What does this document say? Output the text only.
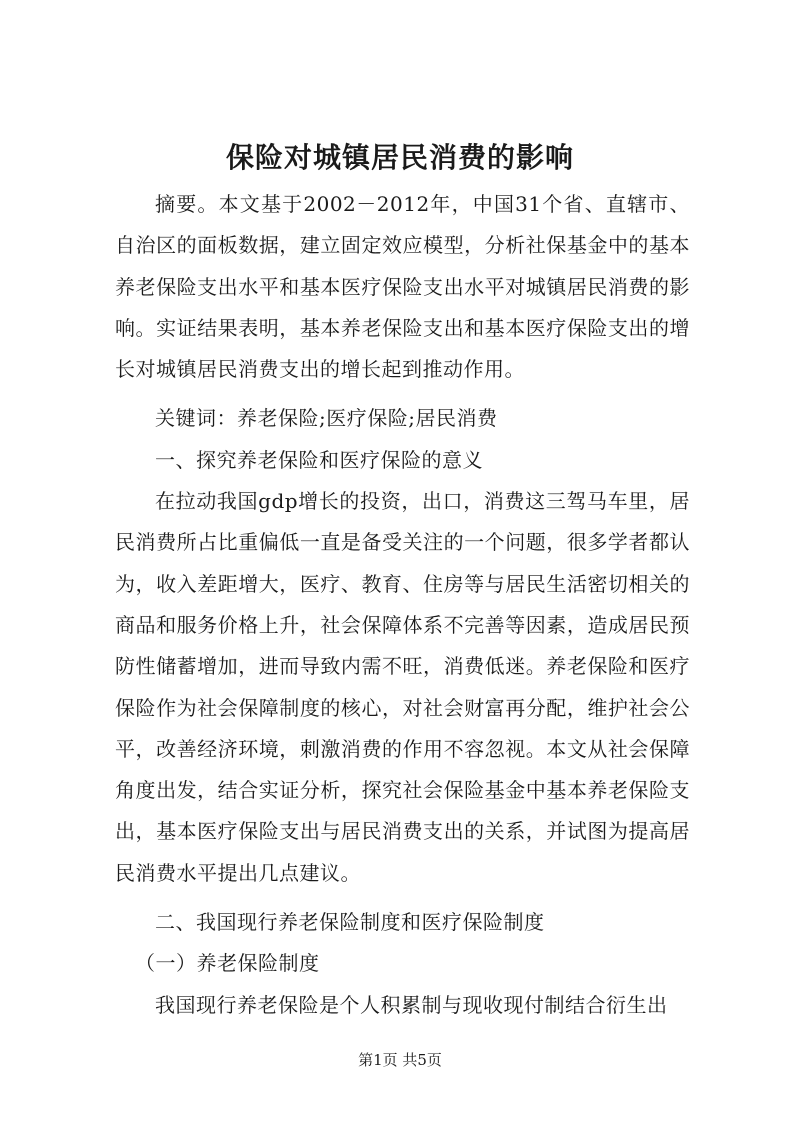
保险对城镇居民消费的影响

摘要。本文基于2002－2012年，中国31个省、直辖市、自治区的面板数据，建立固定效应模型，分析社保基金中的基本养老保险支出水平和基本医疗保险支出水平对城镇居民消费的影响。实证结果表明，基本养老保险支出和基本医疗保险支出的增长对城镇居民消费支出的增长起到推动作用。

关键词：养老保险;医疗保险;居民消费

一、探究养老保险和医疗保险的意义

在拉动我国gdp增长的投资，出口，消费这三驾马车里，居民消费所占比重偏低一直是备受关注的一个问题，很多学者都认为，收入差距增大，医疗、教育、住房等与居民生活密切相关的商品和服务价格上升，社会保障体系不完善等因素，造成居民预防性储蓄增加，进而导致内需不旺，消费低迷。养老保险和医疗保险作为社会保障制度的核心，对社会财富再分配，维护社会公平，改善经济环境，刺激消费的作用不容忽视。本文从社会保障角度出发，结合实证分析，探究社会保险基金中基本养老保险支出，基本医疗保险支出与居民消费支出的关系，并试图为提高居民消费水平提出几点建议。

二、我国现行养老保险制度和医疗保险制度

（一）养老保险制度

我国现行养老保险是个人积累制与现收现付制结合衍生出

第1页 共5页
